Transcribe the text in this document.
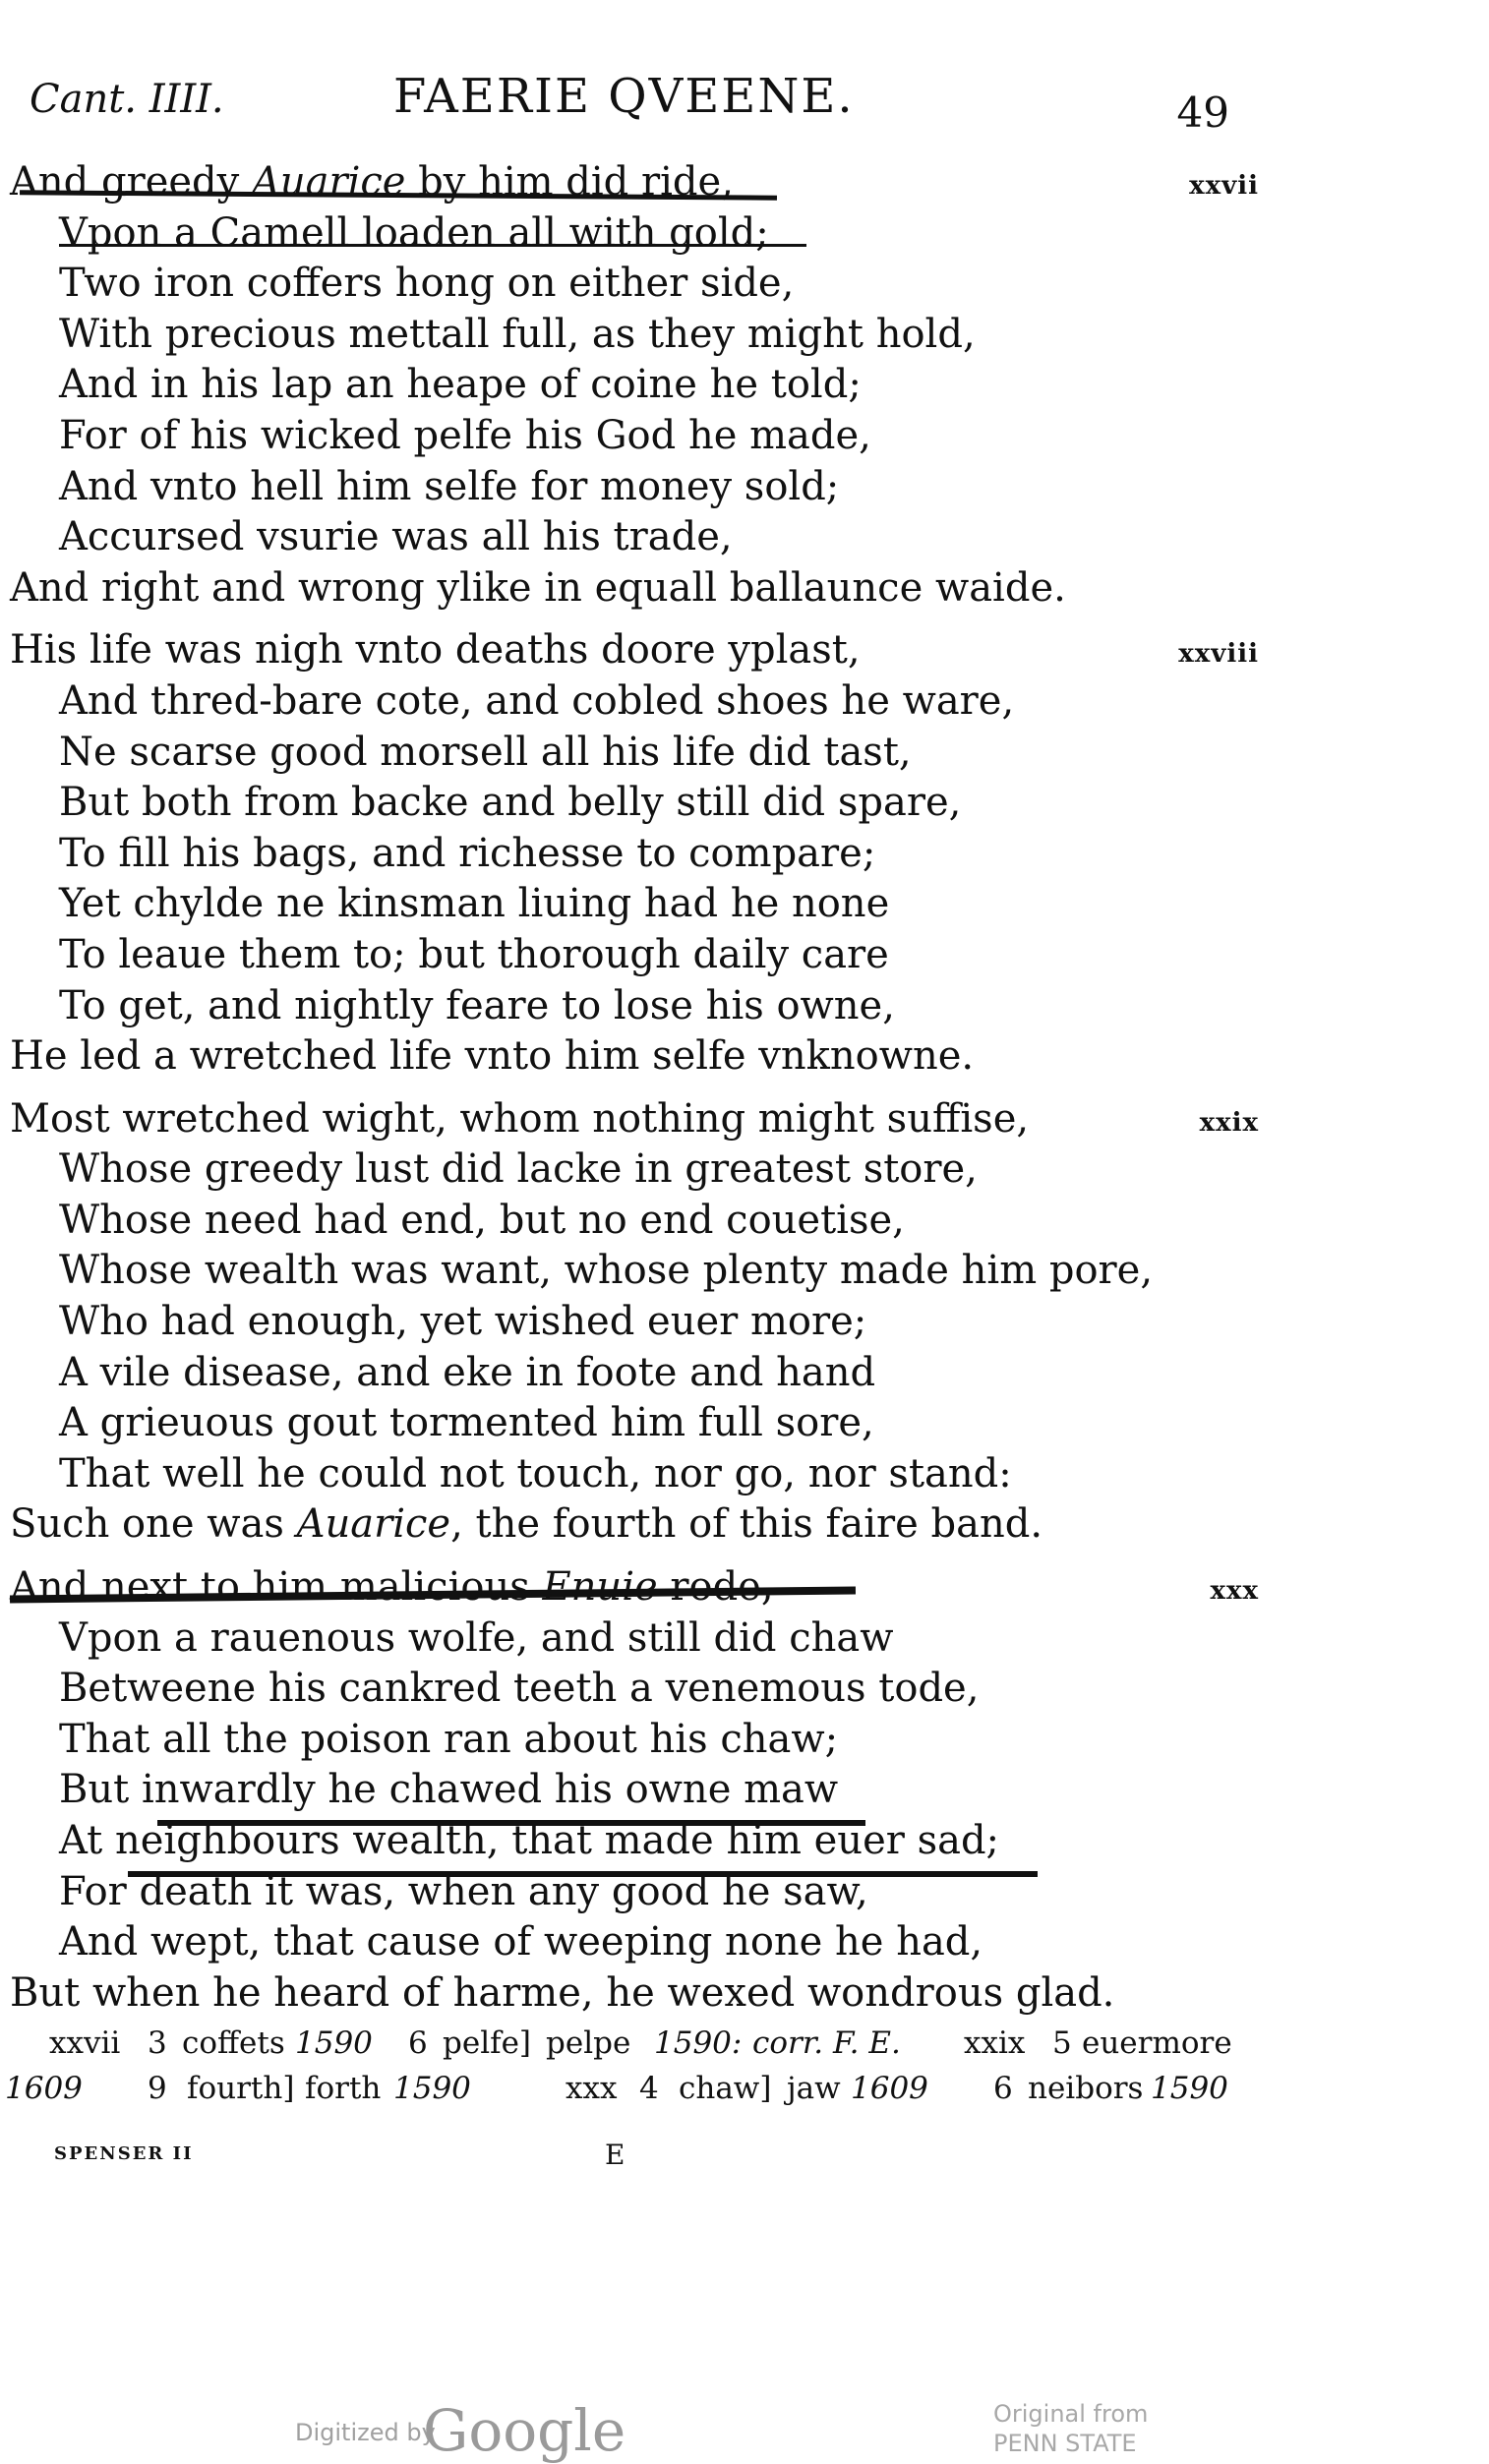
Cant. IIII.	FAERIE QVEENE.	49
And greedy Auarice by him did ride,	xxvii
Vpon a Camell loaden all with gold;
Two iron coffers hong on either side,
With precious mettall full, as they might hold,
And in his lap an heape of coine he told;
For of his wicked pelfe his God he made,
And vnto hell him selfe for money sold;
Accursed vsurie was all his trade,
And right and wrong ylike in equall ballaunce waide.
His life was nigh vnto deaths doore yplast,	xxviii
And thred-bare cote, and cobled shoes he ware,
Ne scarse good morsell all his life did tast,
But both from backe and belly still did spare,
To fill his bags, and richesse to compare;
Yet chylde ne kinsman liuing had he none
To leaue them to; but thorough daily care
To get, and nightly feare to lose his owne,
He led a wretched life vnto him selfe vnknowne.
Most wretched wight, whom nothing might suffise,	xxix
Whose greedy lust did lacke in greatest store,
Whose need had end, but no end couetise,
Whose wealth was want, whose plenty made him pore,
Who had enough, yet wished euer more;
A vile disease, and eke in foote and hand
A grieuous gout tormented him full sore,
That well he could not touch, nor go, nor stand:
Such one was Auarice, the fourth of this faire band.
And next to him malicious Enuie rode,	xxx
Vpon a rauenous wolfe, and still did chaw
Betweene his cankred teeth a venemous tode,
That all the poison ran about his chaw;
But inwardly he chawed his owne maw
At neighbours wealth, that made him euer sad;
For death it was, when any good he saw,
And wept, that cause of weeping none he had,
But when he heard of harme, he wexed wondrous glad.
xxvii 3 coffets 1590 6 pelfe] pelpe 1590: corr. F. E. xxix 5 euermore
1609 9 fourth] forth 1590	xxx 4 chaw] jaw 1609 6 neibors 1590
SPENSER II	E
Digitized by
Google	Original from
PENN STATE
